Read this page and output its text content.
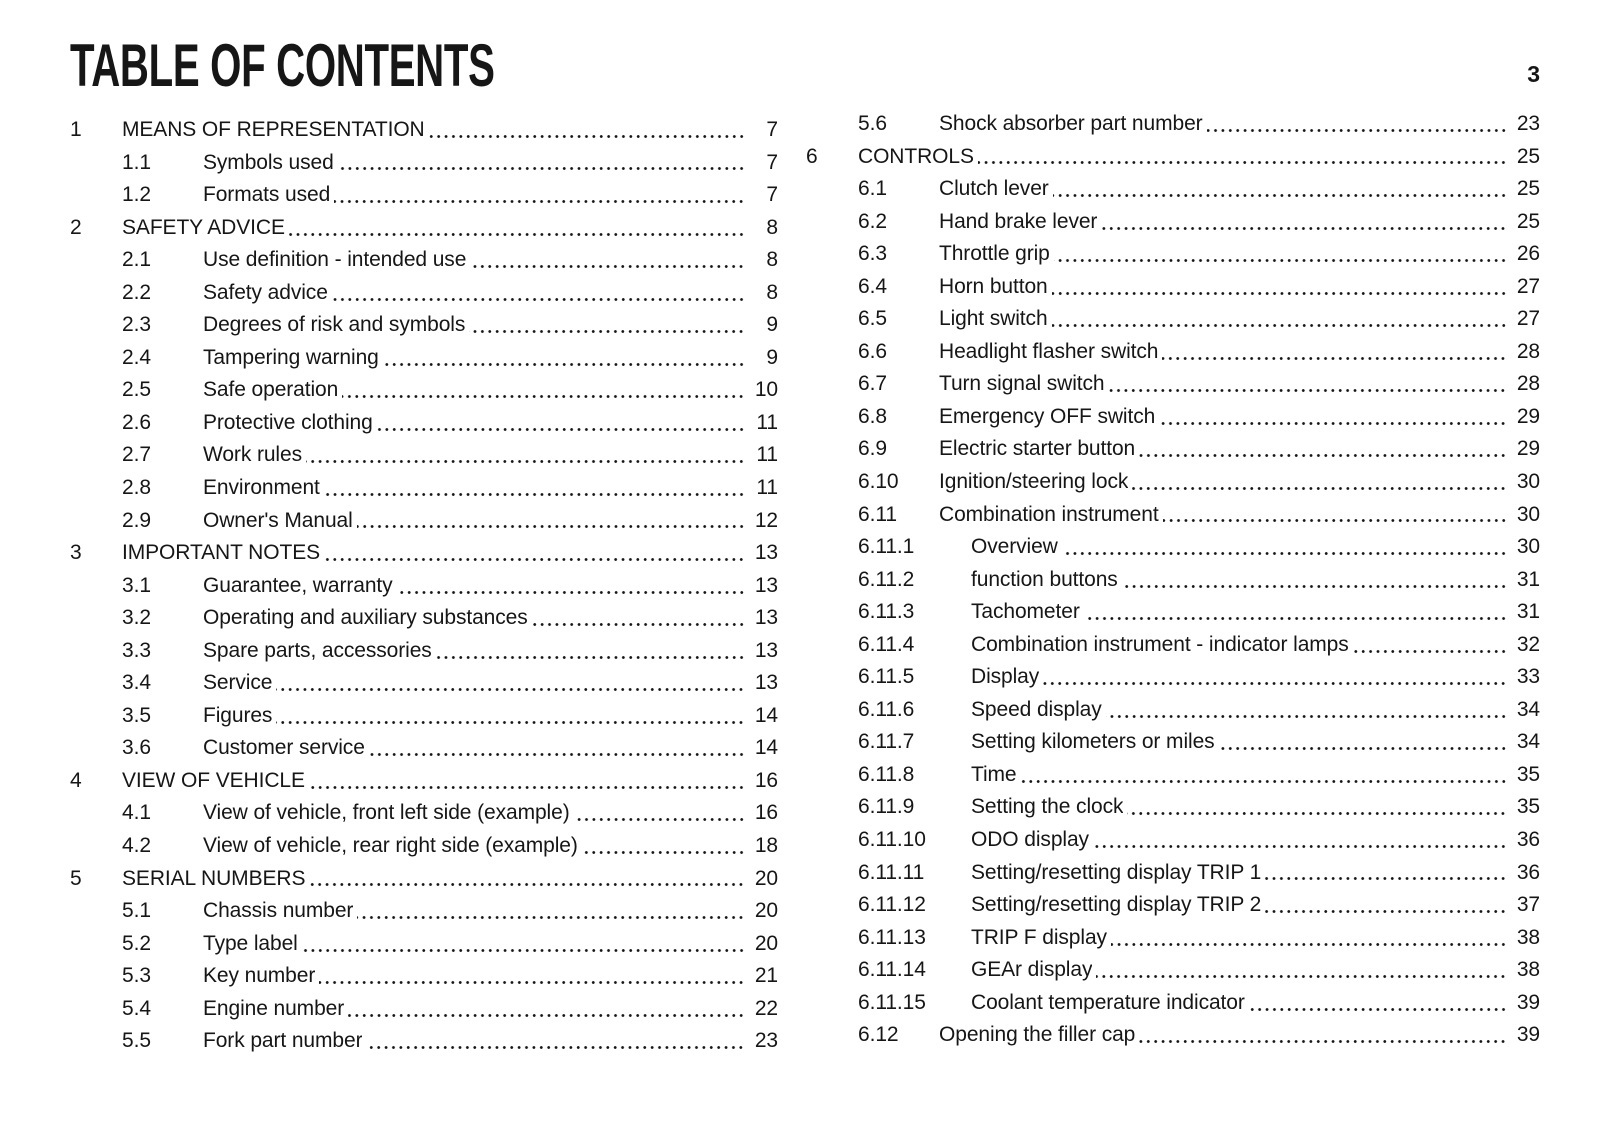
TABLE OF CONTENTS	3
1	MEANS OF REPRESENTATION	7
1.1	Symbols used	7
1.2	Formats used	7
2	SAFETY ADVICE	8
2.1	Use definition - intended use	8
2.2	Safety advice	8
2.3	Degrees of risk and symbols	9
2.4	Tampering warning	9
2.5	Safe operation	10
2.6	Protective clothing	11
2.7	Work rules	11
2.8	Environment	11
2.9	Owner's Manual	12
3	IMPORTANT NOTES	13
3.1	Guarantee, warranty	13
3.2	Operating and auxiliary substances	13
3.3	Spare parts, accessories	13
3.4	Service	13
3.5	Figures	14
3.6	Customer service	14
4	VIEW OF VEHICLE	16
4.1	View of vehicle, front left side (example)	16
4.2	View of vehicle, rear right side (example)	18
5	SERIAL NUMBERS	20
5.1	Chassis number	20
5.2	Type label	20
5.3	Key number	21
5.4	Engine number	22
5.5	Fork part number	23
5.6	Shock absorber part number	23
6	CONTROLS	25
6.1	Clutch lever	25
6.2	Hand brake lever	25
6.3	Throttle grip	26
6.4	Horn button	27
6.5	Light switch	27
6.6	Headlight flasher switch	28
6.7	Turn signal switch	28
6.8	Emergency OFF switch	29
6.9	Electric starter button	29
6.10	Ignition/steering lock	30
6.11	Combination instrument	30
6.11.1	Overview	30
6.11.2	function buttons	31
6.11.3	Tachometer	31
6.11.4	Combination instrument - indicator lamps	32
6.11.5	Display	33
6.11.6	Speed display	34
6.11.7	Setting kilometers or miles	34
6.11.8	Time	35
6.11.9	Setting the clock	35
6.11.10	ODO display	36
6.11.11	Setting/resetting display TRIP 1	36
6.11.12	Setting/resetting display TRIP 2	37
6.11.13	TRIP F display	38
6.11.14	GEAr display	38
6.11.15	Coolant temperature indicator	39
6.12	Opening the filler cap	39
